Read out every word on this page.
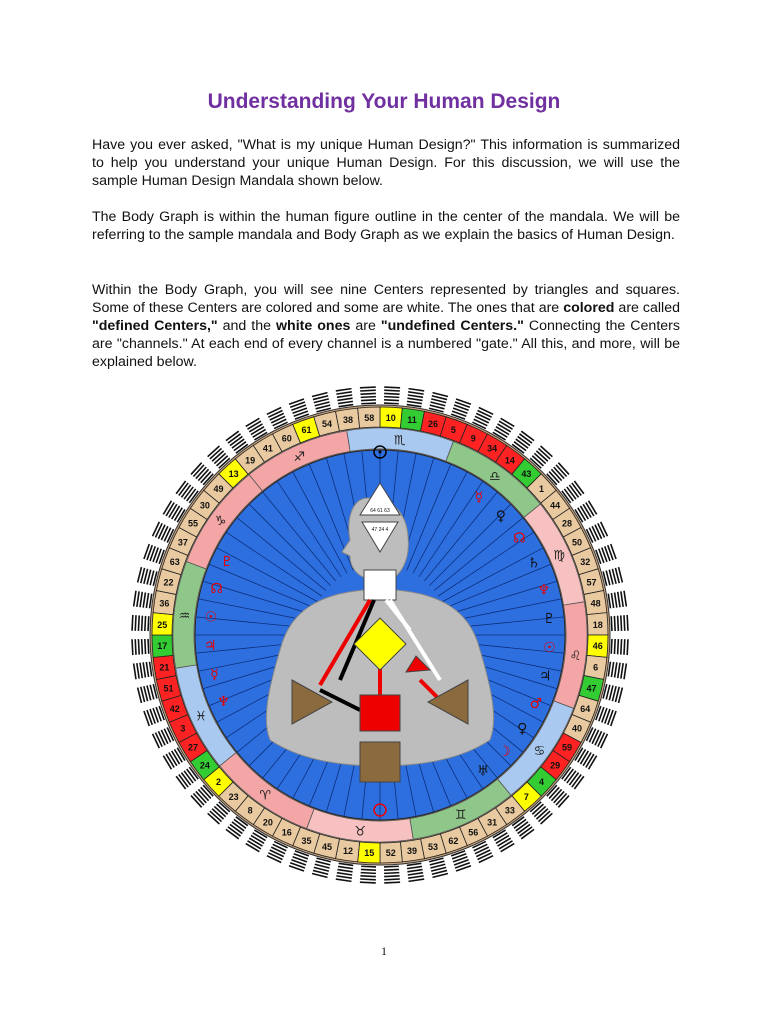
Understanding Your Human Design

Have you ever asked, "What is my unique Human Design?" This information is summarized to help you understand your unique Human Design. For this discussion, we will use the sample Human Design Mandala shown below.

The Body Graph is within the human figure outline in the center of the mandala. We will be referring to the sample mandala and Body Graph as we explain the basics of Human Design.

Within the Body Graph, you will see nine Centers represented by triangles and squares. Some of these Centers are colored and some are white. The ones that are colored are called "defined Centers," and the white ones are "undefined Centers." Connecting the Centers are "channels." At each end of every channel is a numbered "gate." All this, and more, will be explained below.

10 11 26
5
9
34
14
43
1
44
28
50
32
57
48
18
46
6
47
64
40
59
29
4
7
33
31
56
62
53
39
52
15
12
45
35
16
20
8
23
2
24
27
3
42
51
21
17
25
36
22
63
37
55
30
49
13
19
41
60
61
54 38 58
♑
♐
♏
♎
♍
♌
♋
♊
♉
♈
♓
♒
♇
☊
☉
♃
☿
♆
☿
♀
☊
♄
♆
♇
☉
♃
♂
♀
☽
♅
64 61 63
47 24 4
1
